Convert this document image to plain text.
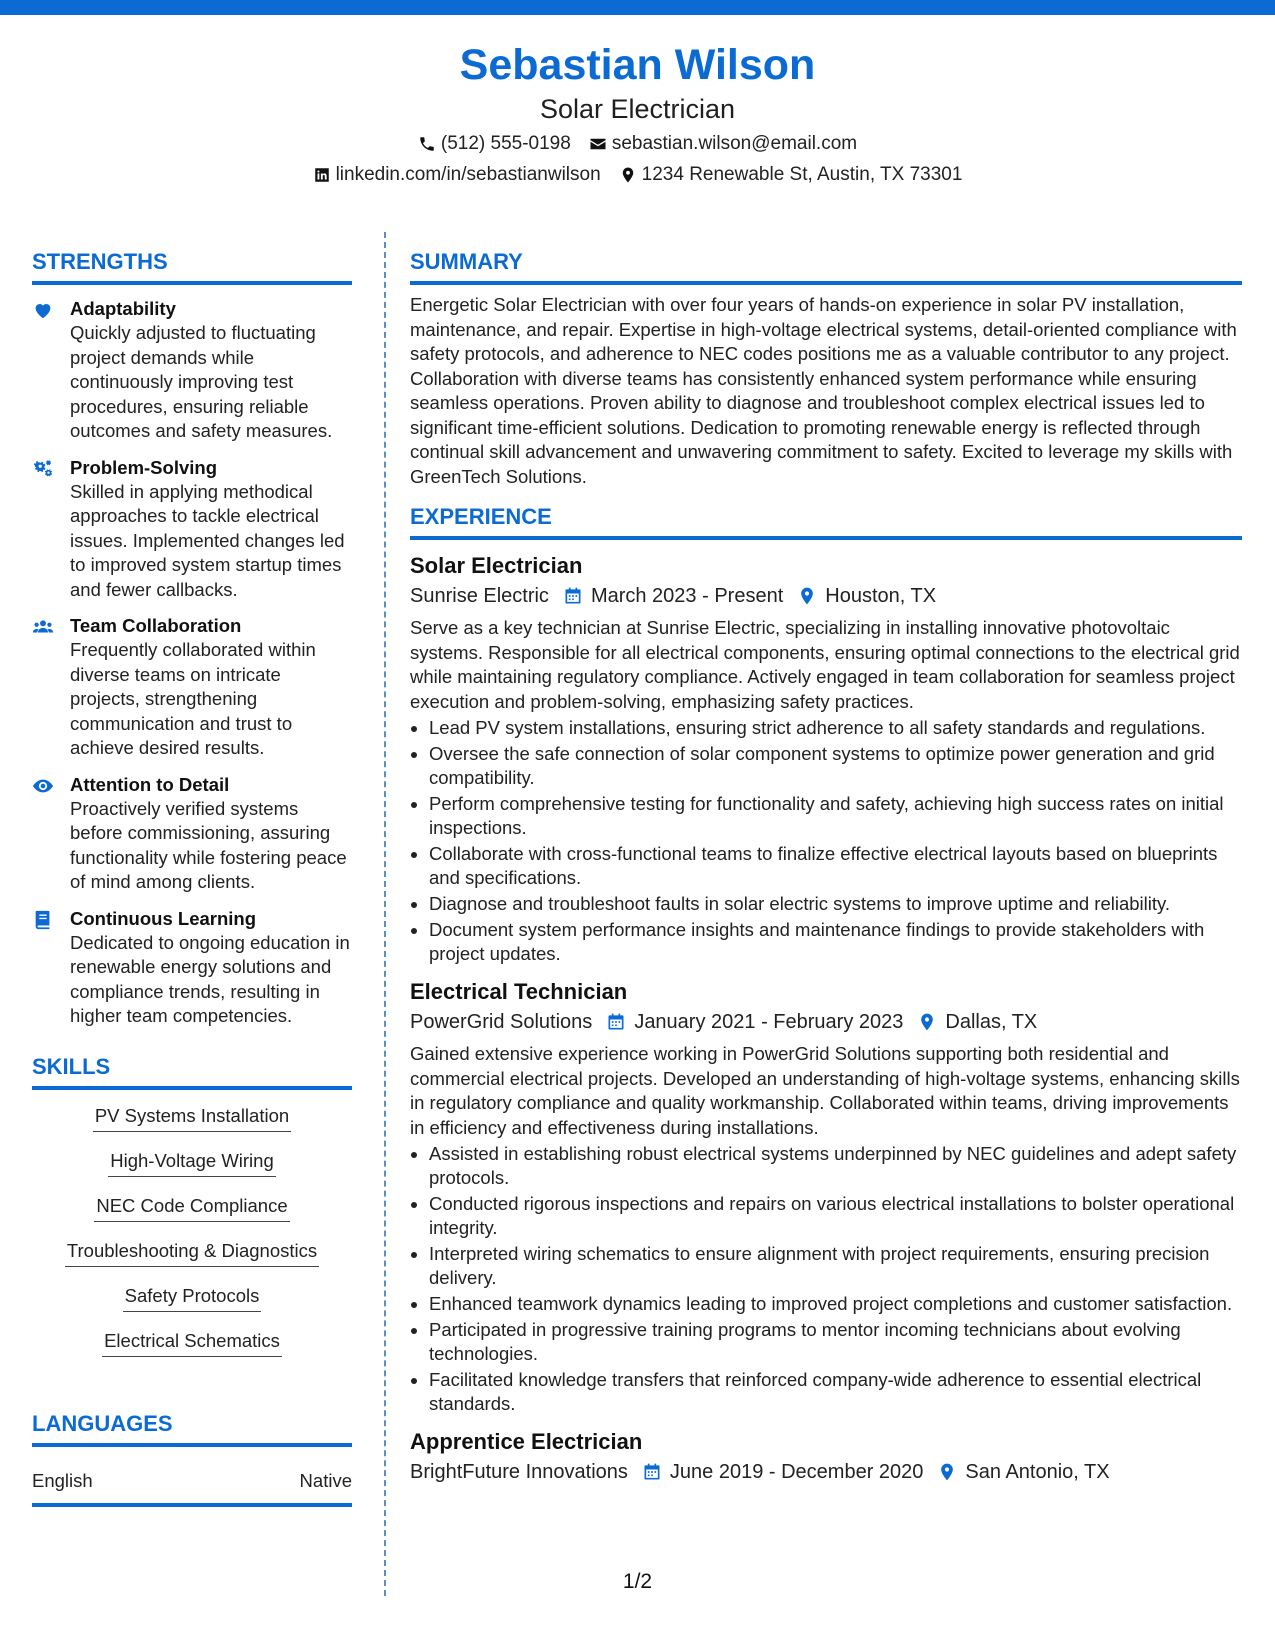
Sebastian Wilson
Solar Electrician
(512) 555-0198 sebastian.wilson@email.com
linkedin.com/in/sebastianwilson 1234 Renewable St, Austin, TX 73301
STRENGTHS
Adaptability
Quickly adjusted to fluctuating project demands while continuously improving test procedures, ensuring reliable outcomes and safety measures.
Problem-Solving
Skilled in applying methodical approaches to tackle electrical issues. Implemented changes led to improved system startup times and fewer callbacks.
Team Collaboration
Frequently collaborated within diverse teams on intricate projects, strengthening communication and trust to achieve desired results.
Attention to Detail
Proactively verified systems before commissioning, assuring functionality while fostering peace of mind among clients.
Continuous Learning
Dedicated to ongoing education in renewable energy solutions and compliance trends, resulting in higher team competencies.
SKILLS
PV Systems Installation
High-Voltage Wiring
NEC Code Compliance
Troubleshooting & Diagnostics
Safety Protocols
Electrical Schematics
LANGUAGES
English	Native
SUMMARY
Energetic Solar Electrician with over four years of hands-on experience in solar PV installation, maintenance, and repair. Expertise in high-voltage electrical systems, detail-oriented compliance with safety protocols, and adherence to NEC codes positions me as a valuable contributor to any project. Collaboration with diverse teams has consistently enhanced system performance while ensuring seamless operations. Proven ability to diagnose and troubleshoot complex electrical issues led to significant time-efficient solutions. Dedication to promoting renewable energy is reflected through continual skill advancement and unwavering commitment to safety. Excited to leverage my skills with GreenTech Solutions.
EXPERIENCE
Solar Electrician
Sunrise Electric March 2023 - Present Houston, TX
Serve as a key technician at Sunrise Electric, specializing in installing innovative photovoltaic systems. Responsible for all electrical components, ensuring optimal connections to the electrical grid while maintaining regulatory compliance. Actively engaged in team collaboration for seamless project execution and problem-solving, emphasizing safety practices.
• Lead PV system installations, ensuring strict adherence to all safety standards and regulations.
• Oversee the safe connection of solar component systems to optimize power generation and grid compatibility.
• Perform comprehensive testing for functionality and safety, achieving high success rates on initial inspections.
• Collaborate with cross-functional teams to finalize effective electrical layouts based on blueprints and specifications.
• Diagnose and troubleshoot faults in solar electric systems to improve uptime and reliability.
• Document system performance insights and maintenance findings to provide stakeholders with project updates.
Electrical Technician
PowerGrid Solutions January 2021 - February 2023 Dallas, TX
Gained extensive experience working in PowerGrid Solutions supporting both residential and commercial electrical projects. Developed an understanding of high-voltage systems, enhancing skills in regulatory compliance and quality workmanship. Collaborated within teams, driving improvements in efficiency and effectiveness during installations.
• Assisted in establishing robust electrical systems underpinned by NEC guidelines and adept safety protocols.
• Conducted rigorous inspections and repairs on various electrical installations to bolster operational integrity.
• Interpreted wiring schematics to ensure alignment with project requirements, ensuring precision delivery.
• Enhanced teamwork dynamics leading to improved project completions and customer satisfaction.
• Participated in progressive training programs to mentor incoming technicians about evolving technologies.
• Facilitated knowledge transfers that reinforced company-wide adherence to essential electrical standards.
Apprentice Electrician
BrightFuture Innovations June 2019 - December 2020 San Antonio, TX
1/2
